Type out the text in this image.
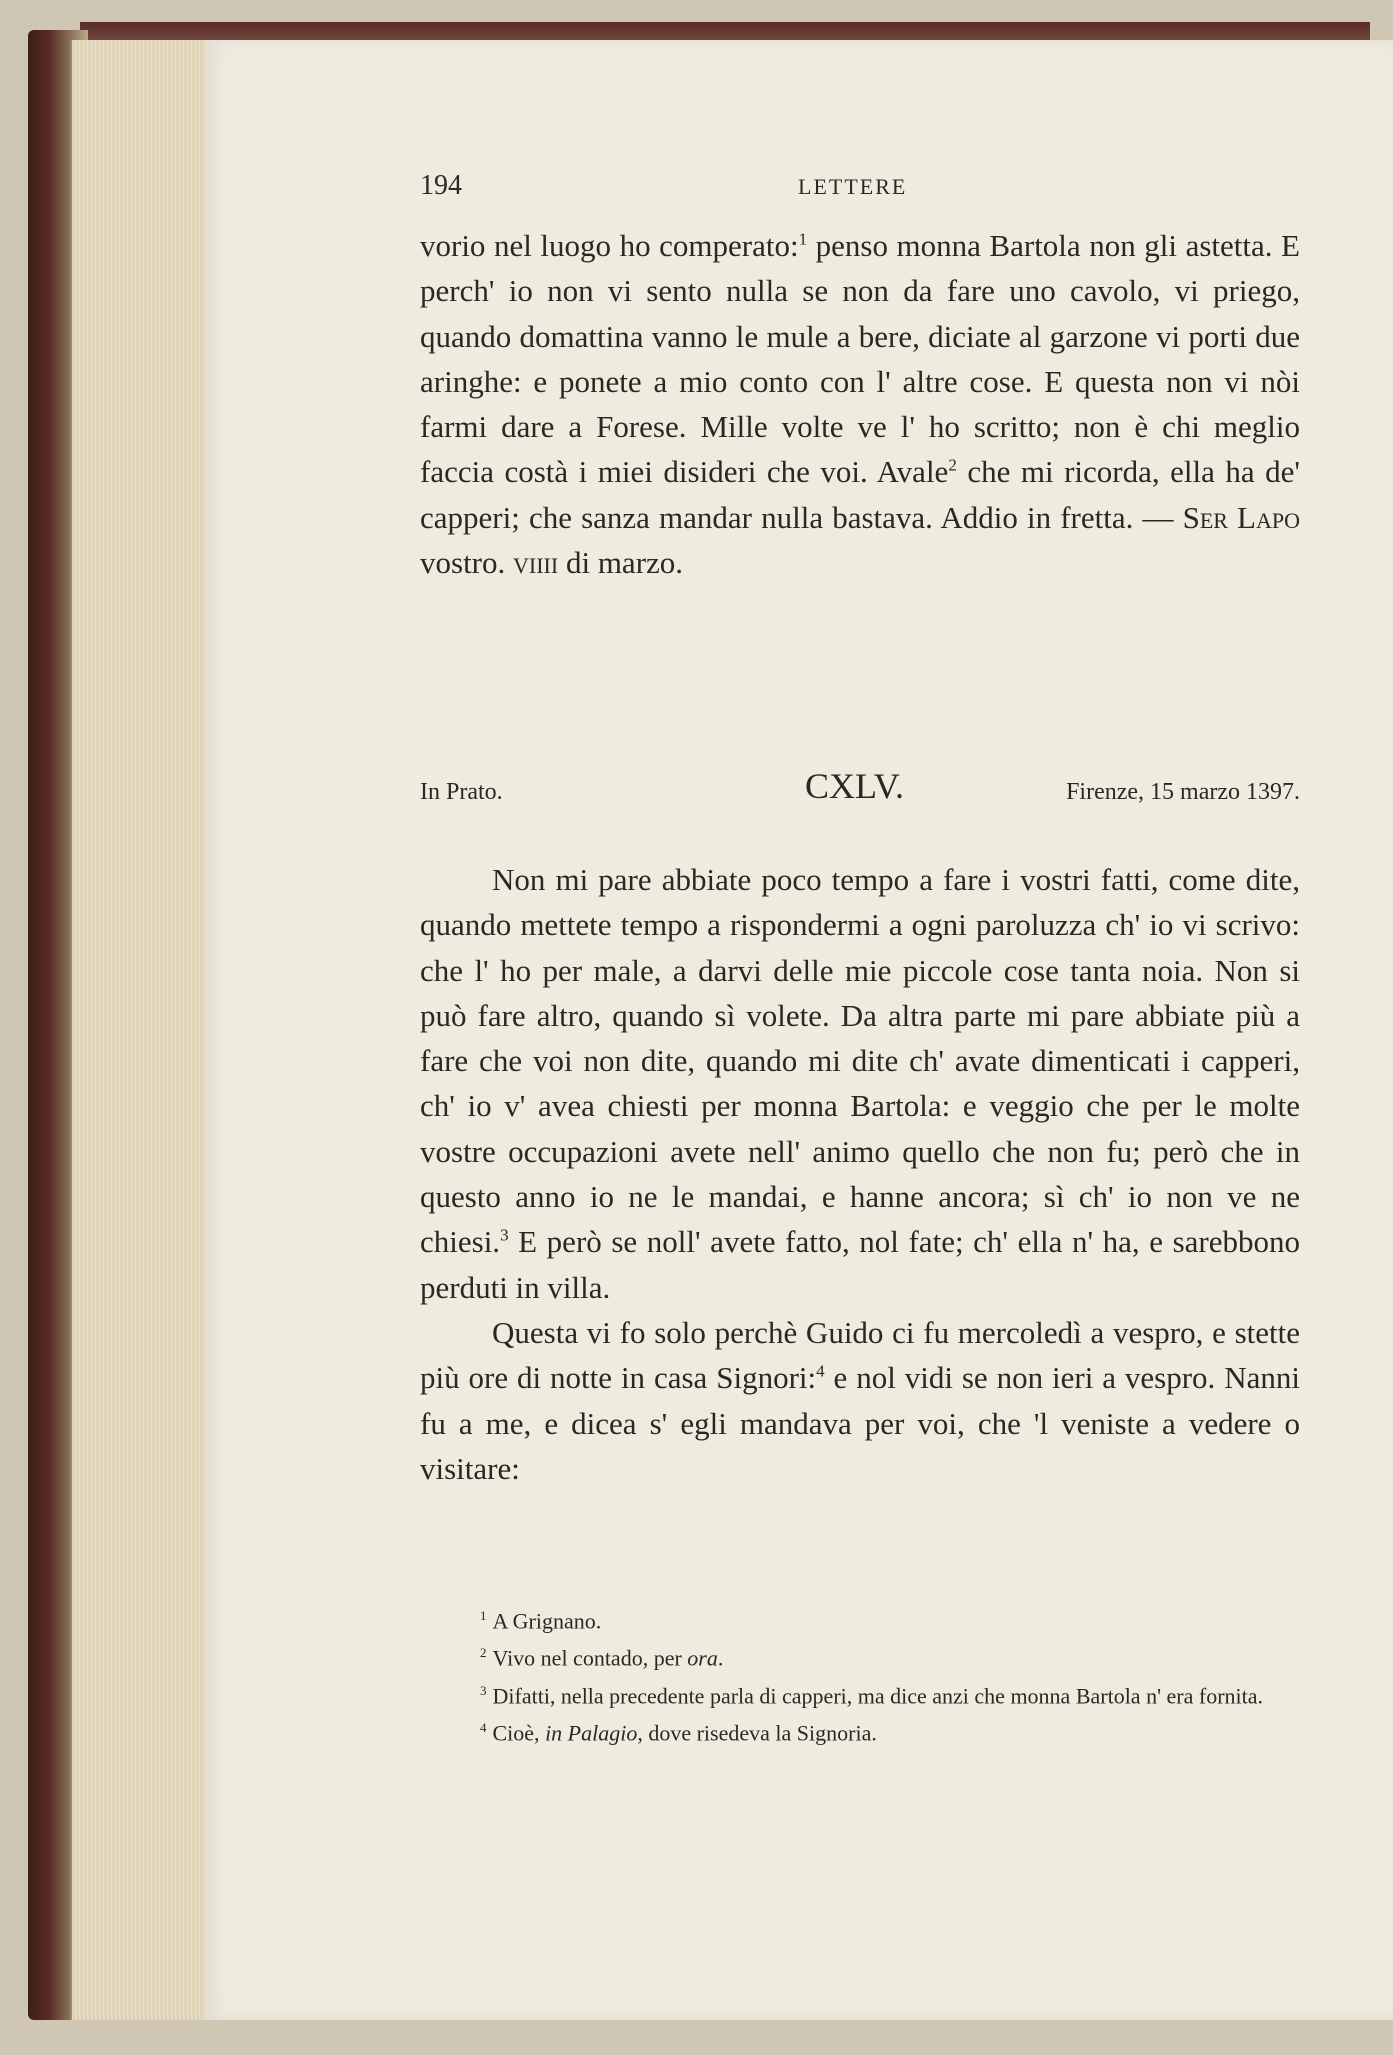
194	LETTERE
vorio nel luogo ho comperato:$^1$ penso monna Bartola non gli astetta. E perch' io non vi sento nulla se non da fare uno cavolo, vi priego, quando domattina vanno le mule a bere, diciate al garzone vi porti due aringhe: e ponete a mio conto con l' altre cose. E questa non vi nòi farmi dare a Forese. Mille volte ve l' ho scritto; non è chi meglio faccia costà i miei disideri che voi. Avale$^2$ che mi ricorda, ella ha de' capperi; che sanza mandar nulla bastava. Addio in fretta. — Ser Lapo vostro. viiii di marzo.
In Prato.	CXLV.	Firenze, 15 marzo 1397.

Non mi pare abbiate poco tempo a fare i vostri fatti, come dite, quando mettete tempo a rispondermi a ogni paroluzza ch' io vi scrivo: che l' ho per male, a darvi delle mie piccole cose tanta noia. Non si può fare altro, quando sì volete. Da altra parte mi pare abbiate più a fare che voi non dite, quando mi dite ch' avate dimenticati i capperi, ch' io v' avea chiesti per monna Bartola: e veggio che per le molte vostre occupazioni avete nell' animo quello che non fu; però che in questo anno io ne le mandai, e hanne ancora; sì ch' io non ve ne chiesi.$^3$ E però se noll' avete fatto, nol fate; ch' ella n' ha, e sarebbono perduti in villa.

Questa vi fo solo perchè Guido ci fu mercoledì a vespro, e stette più ore di notte in casa Signori:$^4$ e nol vidi se non ieri a vespro. Nanni fu a me, e dicea s' egli mandava per voi, che 'l veniste a vedere o visitare:

$^1$ A Grignano.

$^2$ Vivo nel contado, per ora.

$^3$ Difatti, nella precedente parla di capperi, ma dice anzi che monna Bartola n' era fornita.

$^4$ Cioè, in Palagio, dove risedeva la Signoria.
